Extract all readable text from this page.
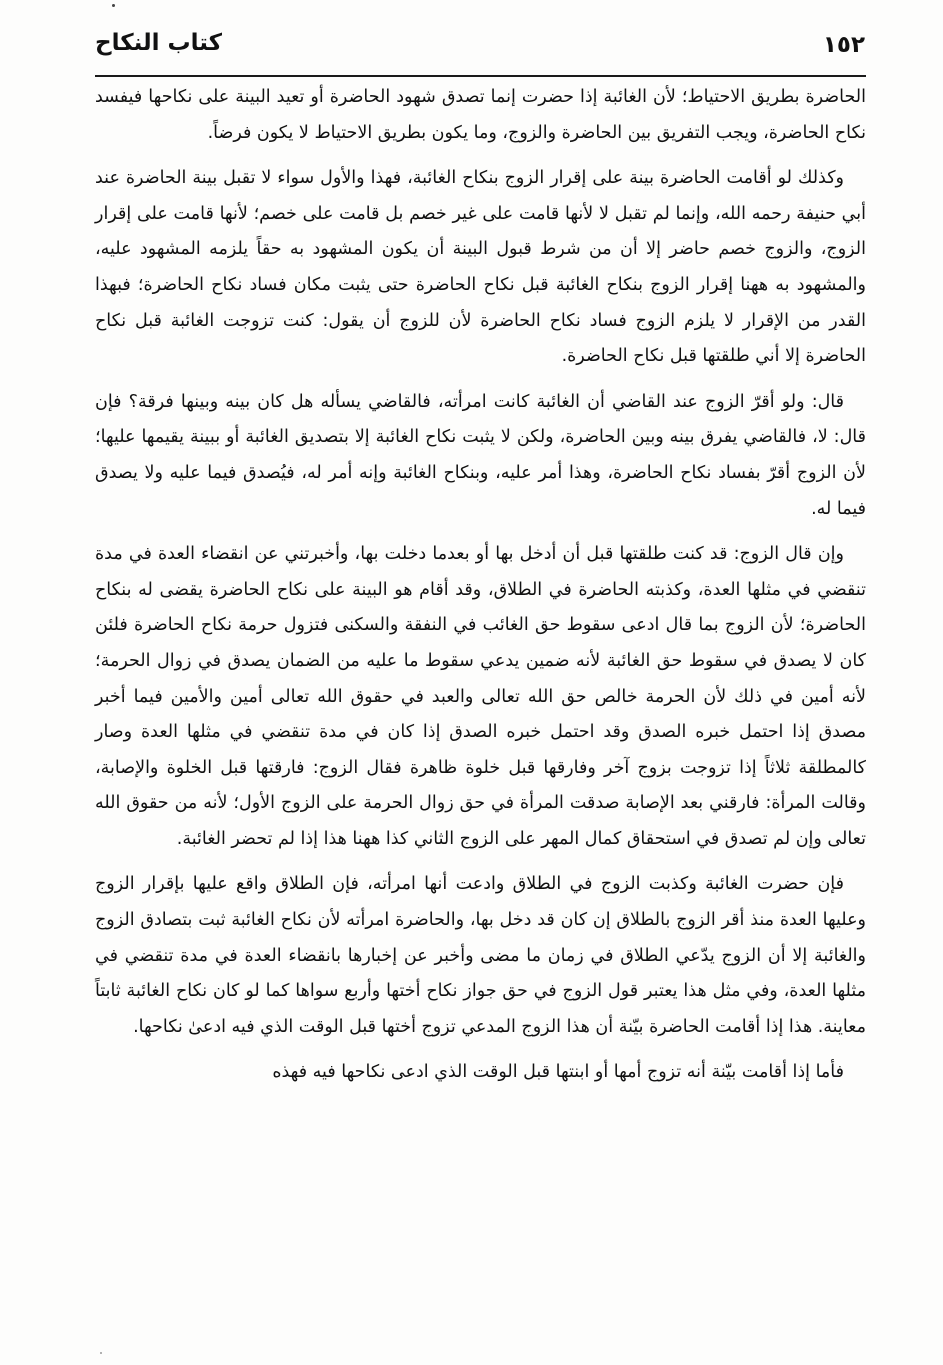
١٥٢
كتاب النكاح

الحاضرة بطريق الاحتياط؛ لأن الغائبة إذا حضرت إنما تصدق شهود الحاضرة أو تعيد البينة على نكاحها فيفسد نكاح الحاضرة، ويجب التفريق بين الحاضرة والزوج، وما يكون بطريق الاحتياط لا يكون فرضاً.

وكذلك لو أقامت الحاضرة بينة على إقرار الزوج بنكاح الغائبة، فهذا والأول سواء لا تقبل بينة الحاضرة عند أبي حنيفة رحمه الله، وإنما لم تقبل لا لأنها قامت على غير خصم بل قامت على خصم؛ لأنها قامت على إقرار الزوج، والزوج خصم حاضر إلا أن من شرط قبول البينة أن يكون المشهود به حقاً يلزمه المشهود عليه، والمشهود به ههنا إقرار الزوج بنكاح الغائبة قبل نكاح الحاضرة حتى يثبت مكان فساد نكاح الحاضرة؛ فبهذا القدر من الإقرار لا يلزم الزوج فساد نكاح الحاضرة لأن للزوج أن يقول: كنت تزوجت الغائبة قبل نكاح الحاضرة إلا أني طلقتها قبل نكاح الحاضرة.

قال: ولو أقرّ الزوج عند القاضي أن الغائبة كانت امرأته، فالقاضي يسأله هل كان بينه وبينها فرقة؟ فإن قال: لا، فالقاضي يفرق بينه وبين الحاضرة، ولكن لا يثبت نكاح الغائبة إلا بتصديق الغائبة أو ببينة يقيمها عليها؛ لأن الزوج أقرّ بفساد نكاح الحاضرة، وهذا أمر عليه، وبنكاح الغائبة وإنه أمر له، فيُصدق فيما عليه ولا يصدق فيما له.

وإن قال الزوج: قد كنت طلقتها قبل أن أدخل بها أو بعدما دخلت بها، وأخبرتني عن انقضاء العدة في مدة تنقضي في مثلها العدة، وكذبته الحاضرة في الطلاق، وقد أقام هو البينة على نكاح الحاضرة يقضى له بنكاح الحاضرة؛ لأن الزوج بما قال ادعى سقوط حق الغائب في النفقة والسكنى فتزول حرمة نكاح الحاضرة فلئن كان لا يصدق في سقوط حق الغائبة لأنه ضمين يدعي سقوط ما عليه من الضمان يصدق في زوال الحرمة؛ لأنه أمين في ذلك لأن الحرمة خالص حق الله تعالى والعبد في حقوق الله تعالى أمين والأمين فيما أخبر مصدق إذا احتمل خبره الصدق وقد احتمل خبره الصدق إذا كان في مدة تنقضي في مثلها العدة وصار كالمطلقة ثلاثاً إذا تزوجت بزوج آخر وفارقها قبل خلوة ظاهرة فقال الزوج: فارقتها قبل الخلوة والإصابة، وقالت المرأة: فارقني بعد الإصابة صدقت المرأة في حق زوال الحرمة على الزوج الأول؛ لأنه من حقوق الله تعالى وإن لم تصدق في استحقاق كمال المهر على الزوج الثاني كذا ههنا هذا إذا لم تحضر الغائبة.

فإن حضرت الغائبة وكذبت الزوج في الطلاق وادعت أنها امرأته، فإن الطلاق واقع عليها بإقرار الزوج وعليها العدة منذ أقر الزوج بالطلاق إن كان قد دخل بها، والحاضرة امرأته لأن نكاح الغائبة ثبت بتصادق الزوج والغائبة إلا أن الزوج يدّعي الطلاق في زمان ما مضى وأخبر عن إخبارها بانقضاء العدة في مدة تنقضي في مثلها العدة، وفي مثل هذا يعتبر قول الزوج في حق جواز نكاح أختها وأربع سواها كما لو كان نكاح الغائبة ثابتاً معاينة. هذا إذا أقامت الحاضرة بيّنة أن هذا الزوج المدعي تزوج أختها قبل الوقت الذي فيه ادعىٰ نكاحها.

فأما إذا أقامت بيّنة أنه تزوج أمها أو ابنتها قبل الوقت الذي ادعى نكاحها فيه فهذه
